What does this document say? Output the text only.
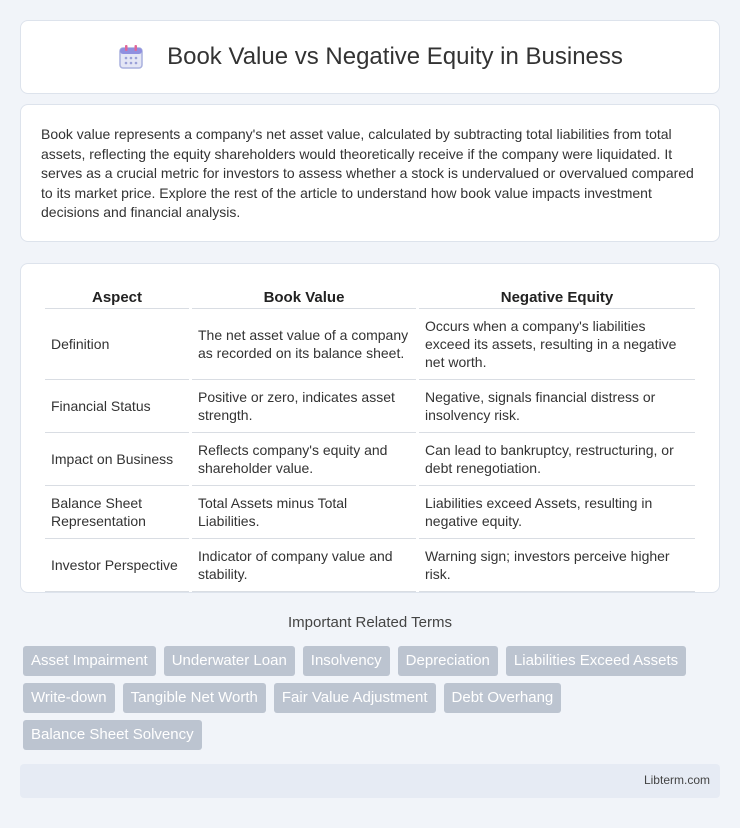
Book Value vs Negative Equity in Business

Book value represents a company's net asset value, calculated by subtracting total liabilities from total assets, reflecting the equity shareholders would theoretically receive if the company were liquidated. It serves as a crucial metric for investors to assess whether a stock is undervalued or overvalued compared to its market price. Explore the rest of the article to understand how book value impacts investment decisions and financial analysis.

Aspect	Book Value	Negative Equity
Definition	The net asset value of a company as recorded on its balance sheet.	Occurs when a company's liabilities exceed its assets, resulting in a negative net worth.
Financial Status	Positive or zero, indicates asset strength.	Negative, signals financial distress or insolvency risk.
Impact on Business	Reflects company's equity and shareholder value.	Can lead to bankruptcy, restructuring, or debt renegotiation.
Balance Sheet Representation	Total Assets minus Total Liabilities.	Liabilities exceed Assets, resulting in negative equity.
Investor Perspective	Indicator of company value and stability.	Warning sign; investors perceive higher risk.
Important Related Terms
Asset Impairment	Underwater Loan	Insolvency	Depreciation	Liabilities Exceed Assets
Write-down	Tangible Net Worth	Fair Value Adjustment	Debt Overhang
Balance Sheet Solvency
Libterm.com
